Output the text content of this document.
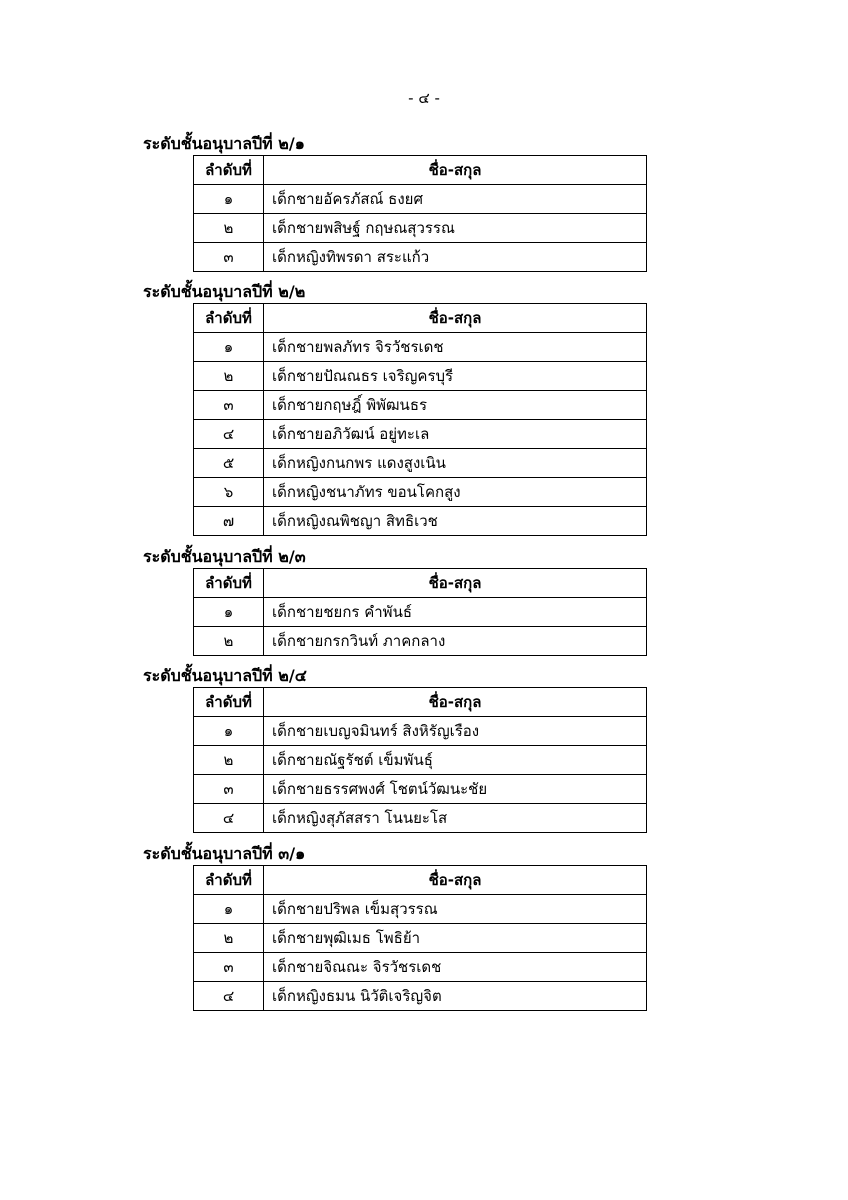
- ๔ -
ระดับชั้นอนุบาลปีที่ ๒/๑
ลำดับที่	ชื่อ-สกุล
๑	เด็กชายอัครภัสณ์ ธงยศ
๒	เด็กชายพสิษฐ์ กฤษณสุวรรณ
๓	เด็กหญิงทิพรดา สระแก้ว
ระดับชั้นอนุบาลปีที่ ๒/๒
ลำดับที่	ชื่อ-สกุล
๑	เด็กชายพลภัทร จิรวัชรเดช
๒	เด็กชายปัณณธร เจริญครบุรี
๓	เด็กชายกฤษฎิ์ พิพัฒนธร
๔	เด็กชายอภิวัฒน์ อยู่ทะเล
๕	เด็กหญิงกนกพร แดงสูงเนิน
๖	เด็กหญิงชนาภัทร ขอนโคกสูง
๗	เด็กหญิงณพิชญา สิทธิเวช
ระดับชั้นอนุบาลปีที่ ๒/๓
ลำดับที่	ชื่อ-สกุล
๑	เด็กชายชยกร คำพันธ์
๒	เด็กชายกรกวินท์ ภาคกลาง
ระดับชั้นอนุบาลปีที่ ๒/๔
ลำดับที่	ชื่อ-สกุล
๑	เด็กชายเบญจมินทร์ สิงหิรัญเรือง
๒	เด็กชายณัฐรัชต์ เข็มพันธุ์
๓	เด็กชายธรรศพงศ์ โชตน์วัฒนะชัย
๔	เด็กหญิงสุภัสสรา โนนยะโส
ระดับชั้นอนุบาลปีที่ ๓/๑
ลำดับที่	ชื่อ-สกุล
๑	เด็กชายปริพล เข็มสุวรรณ
๒	เด็กชายพุฒิเมธ โพธิย้า
๓	เด็กชายจิณณะ จิรวัชรเดช
๔	เด็กหญิงธมน นิวัติเจริญจิต
